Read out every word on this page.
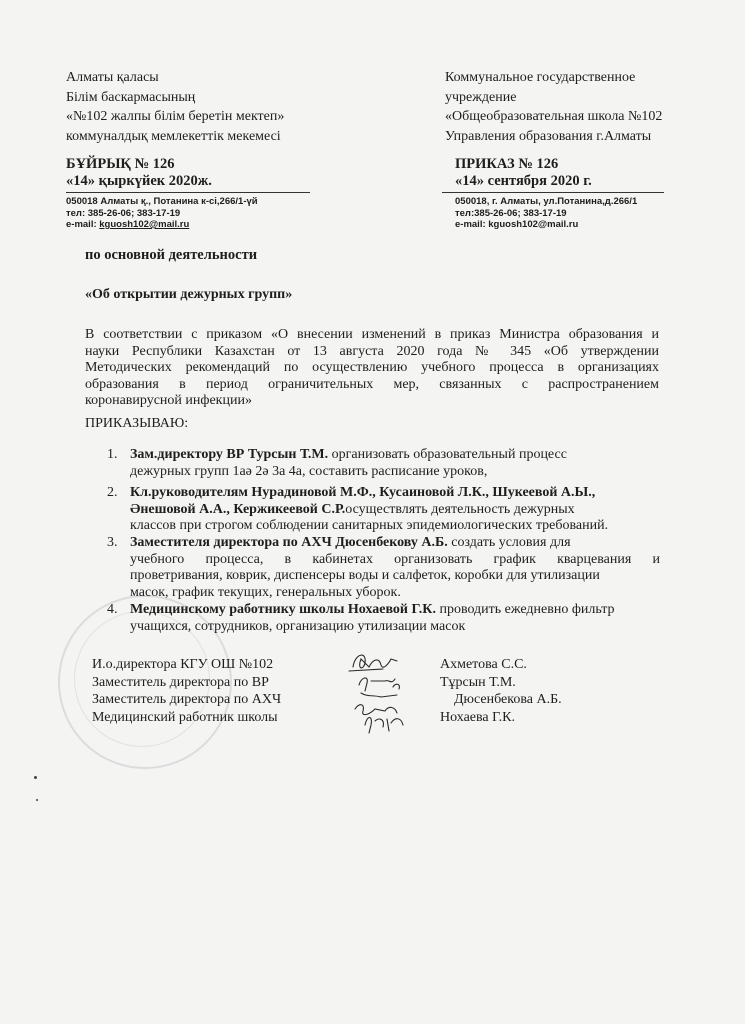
Алматы қаласы
Білім баскармасының
«№102 жалпы білім беретін мектеп»
коммуналдық мемлекеттік мекемесі
Коммунальное государственное
учреждение
«Общеобразовательная школа №102
Управления образования г.Алматы
БҰЙРЫҚ № 126
«14» қыркүйек 2020ж.
ПРИКАЗ № 126
«14» сентября 2020 г.
050018 Алматы қ., Потанина к-сі,266/1-үй
тел: 385-26-06; 383-17-19
e-mail: kguosh102@mail.ru
050018, г. Алматы, ул.Потанина,д.266/1
тел:385-26-06; 383-17-19
e-mail: kguosh102@mail.ru
по основной деятельности
«Об открытии дежурных групп»
В соответствии с приказом «О внесении изменений в приказ Министра образования и
науки Республики Казахстан от 13 августа 2020 года № 345 «Об утверждении
Методических рекомендаций по осуществлению учебного процесса в организациях
образования в период ограничительных мер, связанных с распространением
коронавирусной инфекции»
ПРИКАЗЫВАЮ:
1. Зам.директору ВР Турсын Т.М. организовать образовательный процесс
дежурных групп 1аә 2ә 3а 4а, составить расписание уроков,
2. Кл.руководителям Нурадиновой М.Ф., Кусаиновой Л.К., Шукеевой А.Ы.,
Әнешовой А.А., Кержикеевой С.Р.осуществлять деятельность дежурных
классов при строгом соблюдении санитарных эпидемиологических требований.
3. Заместителя директора по АХЧ Дюсенбекову А.Б. создать условия для
учебного процесса, в кабинетах организовать график кварцевания и
проветривания, коврик, диспенсеры воды и салфеток, коробки для утилизации
масок, график текущих, генеральных уборок.
4. Медицинскому работнику школы Нохаевой Г.К. проводить ежедневно фильтр
учащихся, сотрудников, организацию утилизации масок
И.о.директора КГУ ОШ №102
Заместитель директора по ВР
Заместитель директора по АХЧ
Медицинский работник школы
Ахметова С.С.
Тұрсын Т.М.
Дюсенбекова А.Б.
Нохаева Г.К.
